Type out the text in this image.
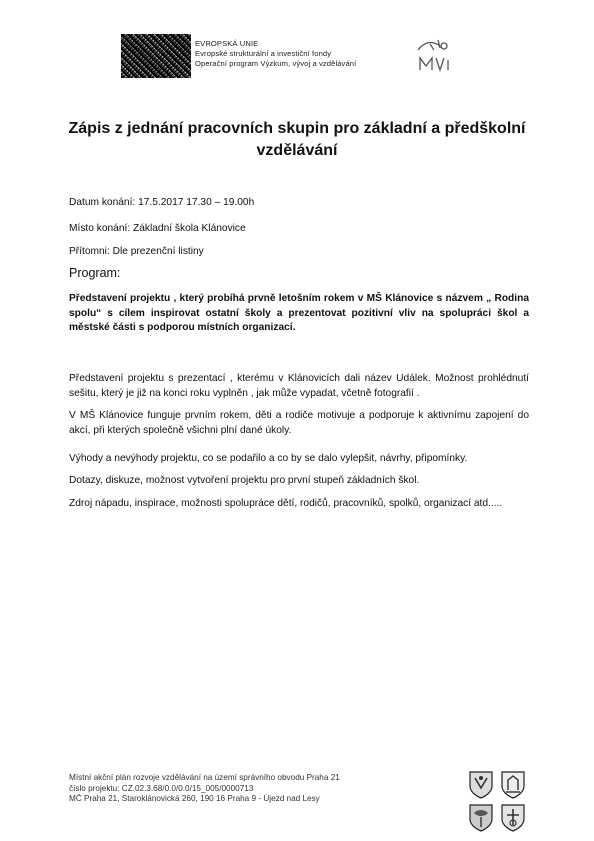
EVROPSKÁ UNIE
Evropské strukturální a investiční fondy
Operační program Výzkum, vývoj a vzdělávání
Zápis z jednání pracovních skupin pro základní a předškolní vzdělávání
Datum konání: 17.5.2017 17.30 – 19.00h
Místo konání: Základní škola Klánovice
Přítomni: Dle prezenční listiny
Program:
Představení projektu , který probíhá prvně letošním rokem v MŠ Klánovice s názvem „ Rodina spolu“ s cílem inspirovat ostatní školy a prezentovat pozitivní vliv na spolupráci škol a městské části s podporou místních organizací.
Představení projektu s prezentací , kterému v Klánovicích dali název Událek. Možnost prohlédnutí sešitu, který je již na konci roku vyplněn , jak může vypadat, včetně fotografií .
V MŠ Klánovice funguje prvním rokem, děti a rodiče motivuje a podporuje k aktivnímu zapojení do akcí, při kterých společně všichni plní dané úkoly.
Výhody a nevýhody projektu, co se podařilo a co by se dalo vylepšit, návrhy, připomínky.
Dotazy, diskuze, možnost vytvoření projektu pro první stupeň základních škol.
Zdroj nápadu, inspirace, možnosti spolupráce dětí, rodičů, pracovníků, spolků, organizací atd.....
Místní akční plán rozvoje vzdělávání na území správního obvodu Praha 21
číslo projektu: CZ.02.3.68/0.0/0.0/15_005/0000713
MČ Praha 21, Staroklánovická 260, 190 16 Praha 9 - Újezd nad Lesy
